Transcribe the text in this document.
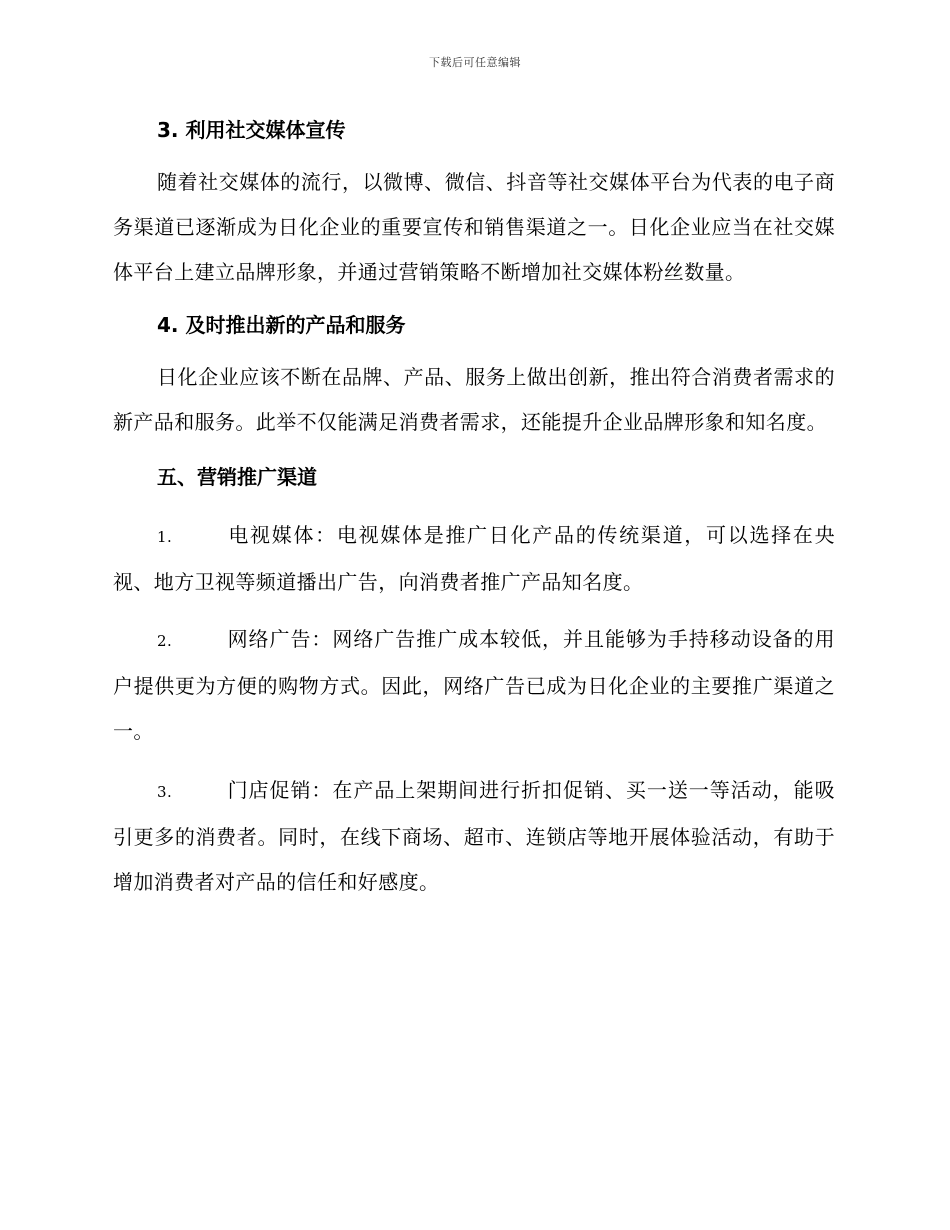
下载后可任意编辑
3. 利用社交媒体宣传

随着社交媒体的流行，以微博、微信、抖音等社交媒体平台为代表的电子商务渠道已逐渐成为日化企业的重要宣传和销售渠道之一。日化企业应当在社交媒体平台上建立品牌形象，并通过营销策略不断增加社交媒体粉丝数量。

4. 及时推出新的产品和服务

日化企业应该不断在品牌、产品、服务上做出创新，推出符合消费者需求的新产品和服务。此举不仅能满足消费者需求，还能提升企业品牌形象和知名度。

五、营销推广渠道

1.	电视媒体：电视媒体是推广日化产品的传统渠道，可以选择在央视、地方卫视等频道播出广告，向消费者推广产品知名度。

2.	网络广告：网络广告推广成本较低，并且能够为手持移动设备的用户提供更为方便的购物方式。因此，网络广告已成为日化企业的主要推广渠道之一。

3.	门店促销：在产品上架期间进行折扣促销、买一送一等活动，能吸引更多的消费者。同时，在线下商场、超市、连锁店等地开展体验活动，有助于增加消费者对产品的信任和好感度。
